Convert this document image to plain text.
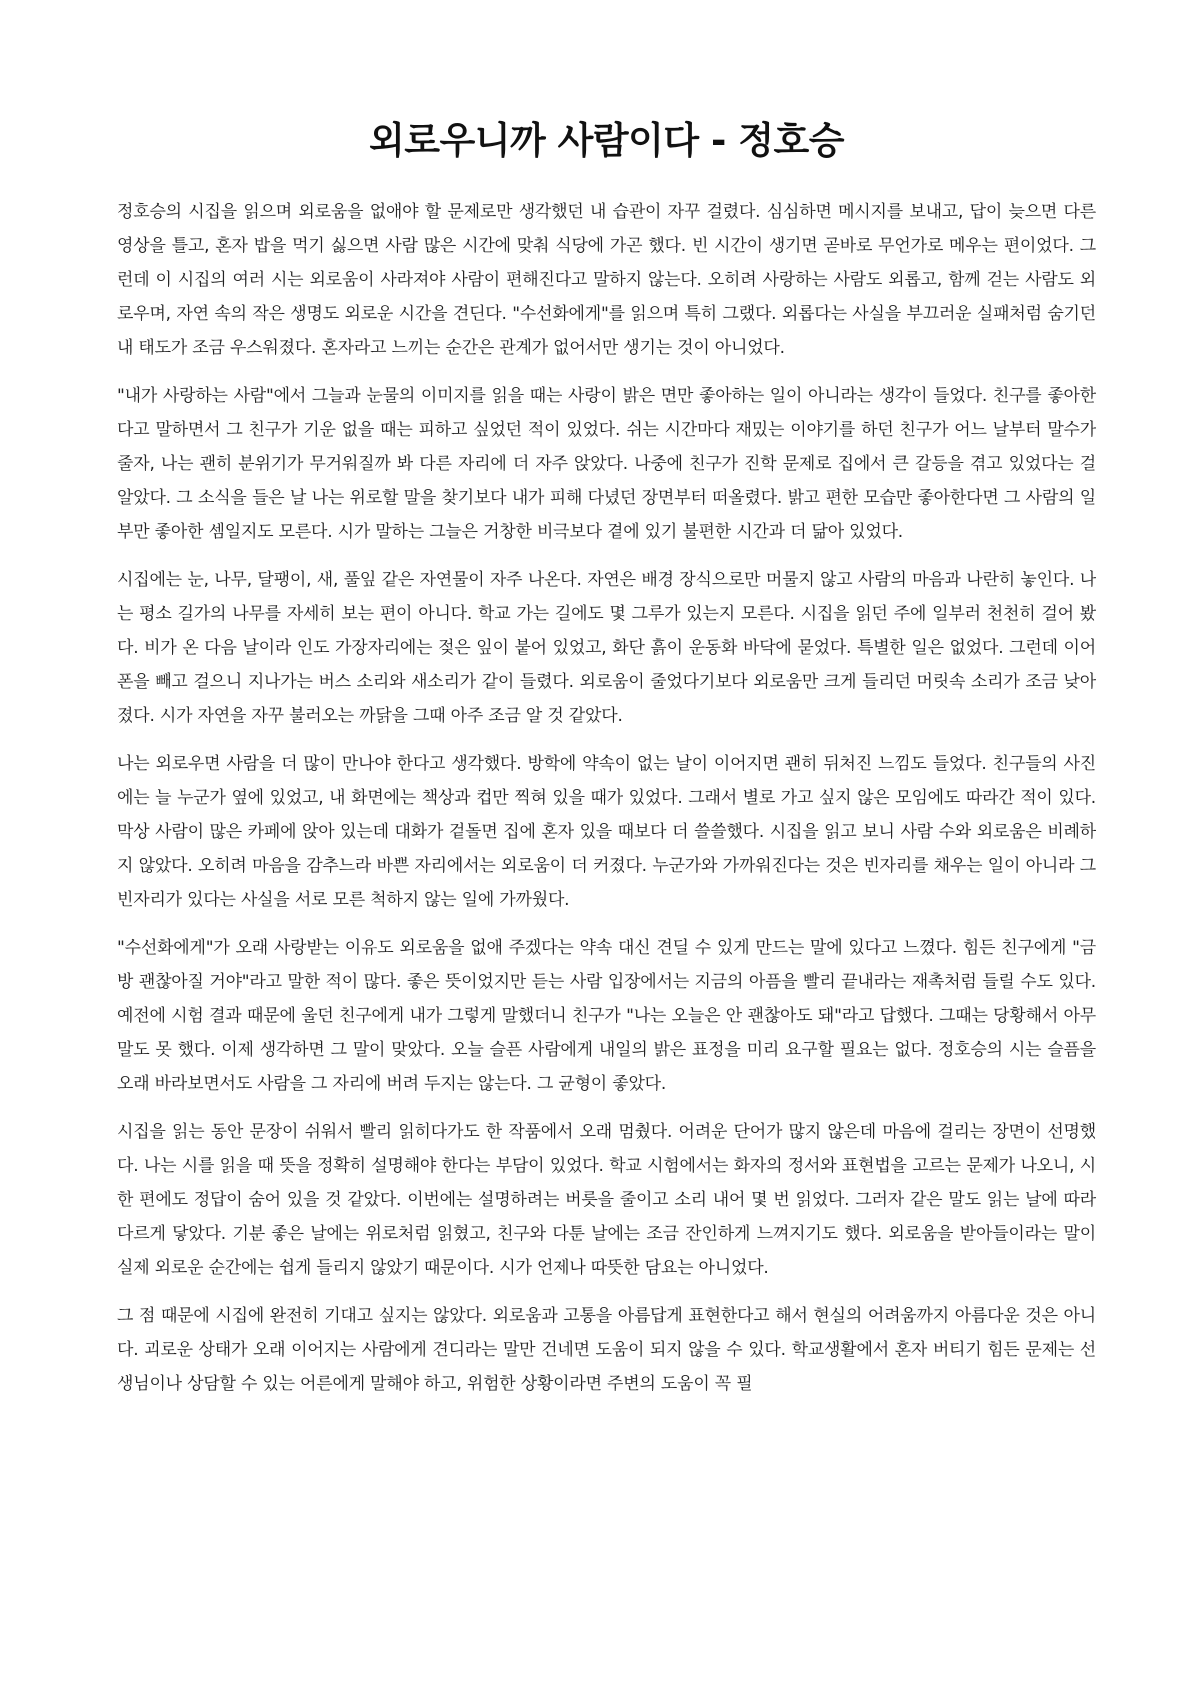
외로우니까 사람이다 - 정호승

정호승의 시집을 읽으며 외로움을 없애야 할 문제로만 생각했던 내 습관이 자꾸 걸렸다. 심심하면 메시지를 보내고, 답이 늦으면 다른 영상을 틀고, 혼자 밥을 먹기 싫으면 사람 많은 시간에 맞춰 식당에 가곤 했다. 빈 시간이 생기면 곧바로 무언가로 메우는 편이었다. 그런데 이 시집의 여러 시는 외로움이 사라져야 사람이 편해진다고 말하지 않는다. 오히려 사랑하는 사람도 외롭고, 함께 걷는 사람도 외로우며, 자연 속의 작은 생명도 외로운 시간을 견딘다. "수선화에게"를 읽으며 특히 그랬다. 외롭다는 사실을 부끄러운 실패처럼 숨기던 내 태도가 조금 우스워졌다. 혼자라고 느끼는 순간은 관계가 없어서만 생기는 것이 아니었다.

"내가 사랑하는 사람"에서 그늘과 눈물의 이미지를 읽을 때는 사랑이 밝은 면만 좋아하는 일이 아니라는 생각이 들었다. 친구를 좋아한다고 말하면서 그 친구가 기운 없을 때는 피하고 싶었던 적이 있었다. 쉬는 시간마다 재밌는 이야기를 하던 친구가 어느 날부터 말수가 줄자, 나는 괜히 분위기가 무거워질까 봐 다른 자리에 더 자주 앉았다. 나중에 친구가 진학 문제로 집에서 큰 갈등을 겪고 있었다는 걸 알았다. 그 소식을 들은 날 나는 위로할 말을 찾기보다 내가 피해 다녔던 장면부터 떠올렸다. 밝고 편한 모습만 좋아한다면 그 사람의 일부만 좋아한 셈일지도 모른다. 시가 말하는 그늘은 거창한 비극보다 곁에 있기 불편한 시간과 더 닮아 있었다.

시집에는 눈, 나무, 달팽이, 새, 풀잎 같은 자연물이 자주 나온다. 자연은 배경 장식으로만 머물지 않고 사람의 마음과 나란히 놓인다. 나는 평소 길가의 나무를 자세히 보는 편이 아니다. 학교 가는 길에도 몇 그루가 있는지 모른다. 시집을 읽던 주에 일부러 천천히 걸어 봤다. 비가 온 다음 날이라 인도 가장자리에는 젖은 잎이 붙어 있었고, 화단 흙이 운동화 바닥에 묻었다. 특별한 일은 없었다. 그런데 이어폰을 빼고 걸으니 지나가는 버스 소리와 새소리가 같이 들렸다. 외로움이 줄었다기보다 외로움만 크게 들리던 머릿속 소리가 조금 낮아졌다. 시가 자연을 자꾸 불러오는 까닭을 그때 아주 조금 알 것 같았다.

나는 외로우면 사람을 더 많이 만나야 한다고 생각했다. 방학에 약속이 없는 날이 이어지면 괜히 뒤처진 느낌도 들었다. 친구들의 사진에는 늘 누군가 옆에 있었고, 내 화면에는 책상과 컵만 찍혀 있을 때가 있었다. 그래서 별로 가고 싶지 않은 모임에도 따라간 적이 있다. 막상 사람이 많은 카페에 앉아 있는데 대화가 겉돌면 집에 혼자 있을 때보다 더 쓸쓸했다. 시집을 읽고 보니 사람 수와 외로움은 비례하지 않았다. 오히려 마음을 감추느라 바쁜 자리에서는 외로움이 더 커졌다. 누군가와 가까워진다는 것은 빈자리를 채우는 일이 아니라 그 빈자리가 있다는 사실을 서로 모른 척하지 않는 일에 가까웠다.

"수선화에게"가 오래 사랑받는 이유도 외로움을 없애 주겠다는 약속 대신 견딜 수 있게 만드는 말에 있다고 느꼈다. 힘든 친구에게 "금방 괜찮아질 거야"라고 말한 적이 많다. 좋은 뜻이었지만 듣는 사람 입장에서는 지금의 아픔을 빨리 끝내라는 재촉처럼 들릴 수도 있다. 예전에 시험 결과 때문에 울던 친구에게 내가 그렇게 말했더니 친구가 "나는 오늘은 안 괜찮아도 돼"라고 답했다. 그때는 당황해서 아무 말도 못 했다. 이제 생각하면 그 말이 맞았다. 오늘 슬픈 사람에게 내일의 밝은 표정을 미리 요구할 필요는 없다. 정호승의 시는 슬픔을 오래 바라보면서도 사람을 그 자리에 버려 두지는 않는다. 그 균형이 좋았다.

시집을 읽는 동안 문장이 쉬워서 빨리 읽히다가도 한 작품에서 오래 멈췄다. 어려운 단어가 많지 않은데 마음에 걸리는 장면이 선명했다. 나는 시를 읽을 때 뜻을 정확히 설명해야 한다는 부담이 있었다. 학교 시험에서는 화자의 정서와 표현법을 고르는 문제가 나오니, 시 한 편에도 정답이 숨어 있을 것 같았다. 이번에는 설명하려는 버릇을 줄이고 소리 내어 몇 번 읽었다. 그러자 같은 말도 읽는 날에 따라 다르게 닿았다. 기분 좋은 날에는 위로처럼 읽혔고, 친구와 다툰 날에는 조금 잔인하게 느껴지기도 했다. 외로움을 받아들이라는 말이 실제 외로운 순간에는 쉽게 들리지 않았기 때문이다. 시가 언제나 따뜻한 담요는 아니었다.

그 점 때문에 시집에 완전히 기대고 싶지는 않았다. 외로움과 고통을 아름답게 표현한다고 해서 현실의 어려움까지 아름다운 것은 아니다. 괴로운 상태가 오래 이어지는 사람에게 견디라는 말만 건네면 도움이 되지 않을 수 있다. 학교생활에서 혼자 버티기 힘든 문제는 선생님이나 상담할 수 있는 어른에게 말해야 하고, 위험한 상황이라면 주변의 도움이 꼭 필
